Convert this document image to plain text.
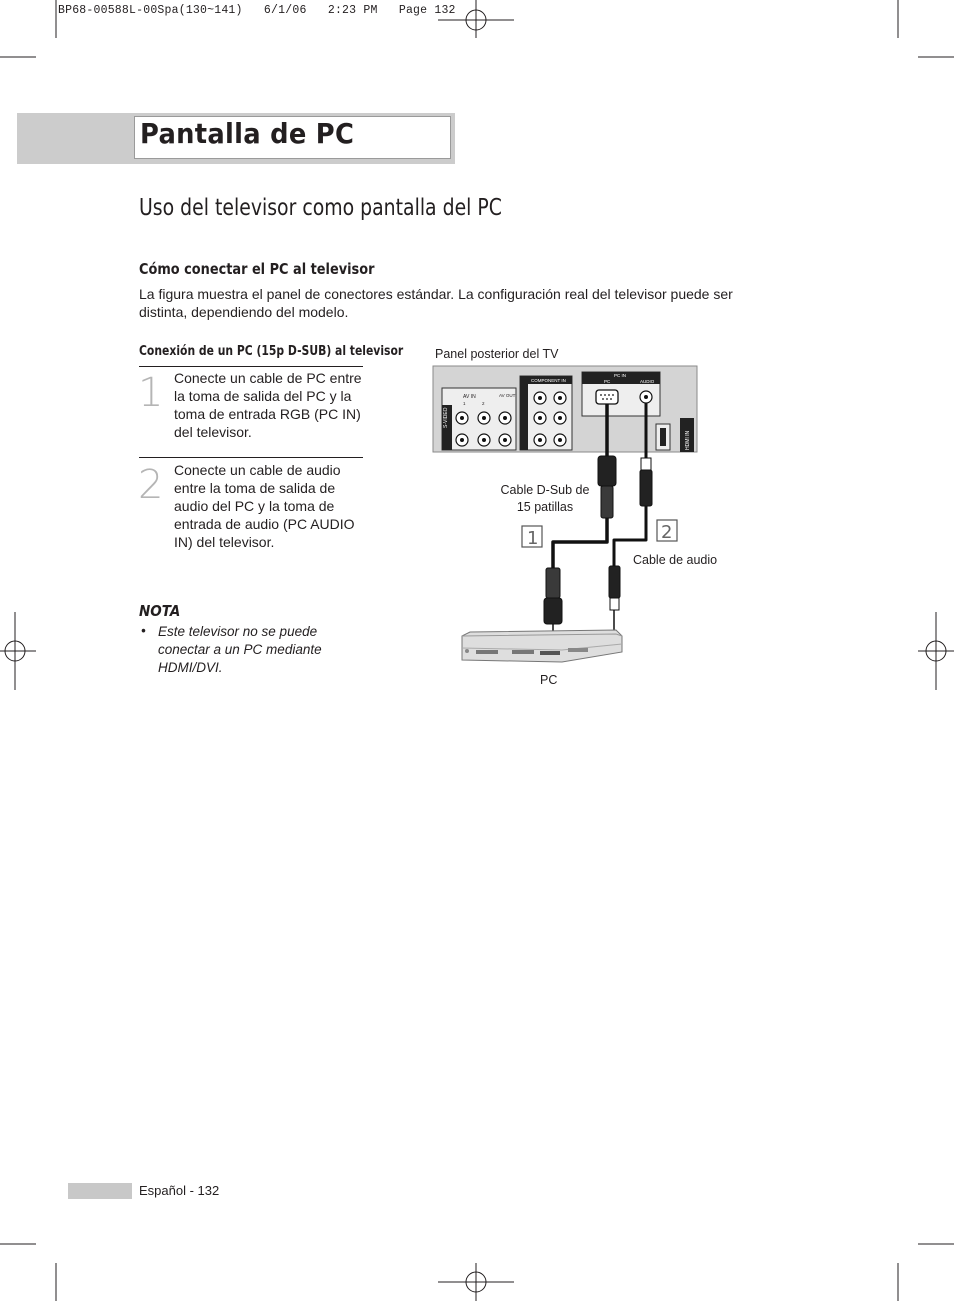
BP68-00588L-00Spa(130~141)   6/1/06   2:23 PM   Page 132
Pantalla de PC
Uso del televisor como pantalla del PC
Cómo conectar el PC al televisor
La figura muestra el panel de conectores estándar. La configuración real del televisor puede ser distinta, dependiendo del modelo.
Conexión de un PC (15p D-SUB) al televisor
1 Conecte un cable de PC entre la toma de salida del PC y la toma de entrada RGB (PC IN) del televisor.
2 Conecte un cable de audio entre la toma de salida de audio del PC y la toma de entrada de audio (PC AUDIO IN) del televisor.
NOTA
• Este televisor no se puede conectar a un PC mediante HDMI/DVI.
Panel posterior del TV
Cable D-Sub de 15 patillas
Cable de audio
PC
S-VIDEO
AV IN	AV OUT
1	2
COMPONENT IN
PC IN
PC	AUDIO
HDMI IN
1	2
Español - 132
